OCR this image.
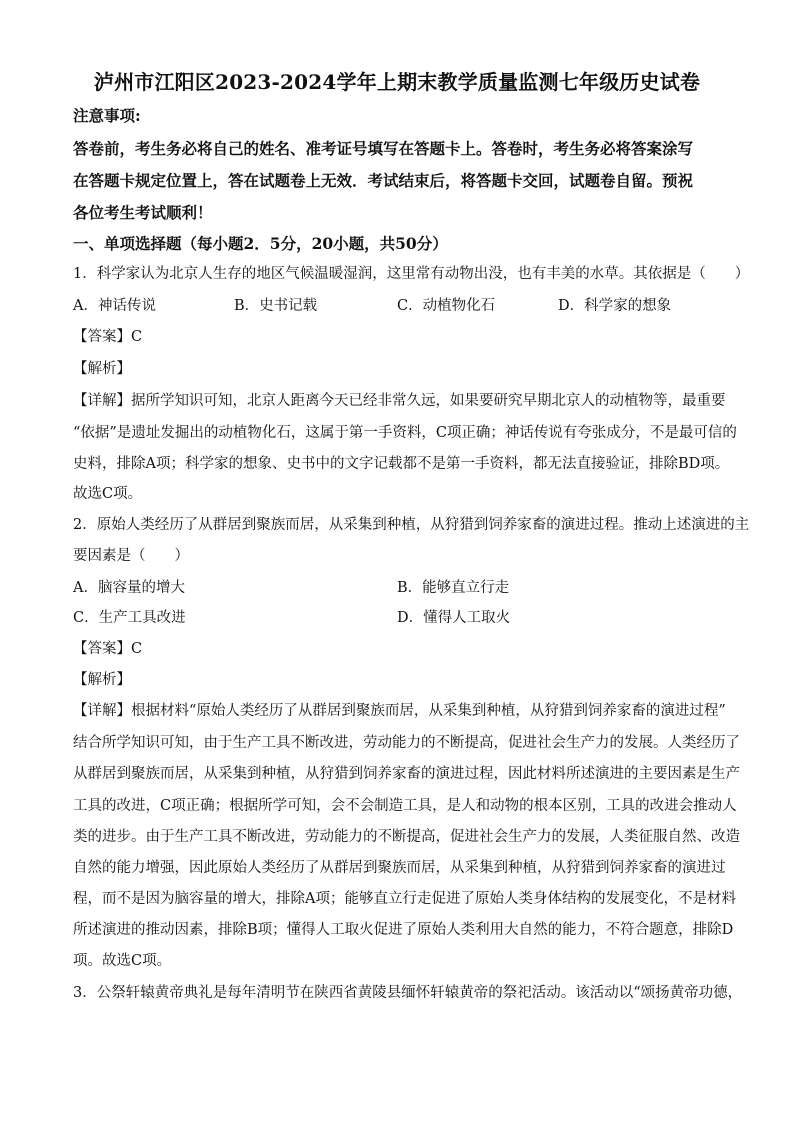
泸州市江阳区2023-2024学年上期末教学质量监测七年级历史试卷
注意事项:
答卷前，考生务必将自己的姓名、准考证号填写在答题卡上。答卷时，考生务必将答案涂写
在答题卡规定位置上，答在试题卷上无效．考试结束后，将答题卡交回，试题卷自留。预祝
各位考生考试顺利！
一、单项选择题（每小题2．5分，20小题，共50分）
1．科学家认为北京人生存的地区气候温暖湿润，这里常有动物出没，也有丰美的水草。其依据是（　　）
A．神话传说	B．史书记载	C．动植物化石	D．科学家的想象
【答案】C
【解析】
【详解】据所学知识可知，北京人距离今天已经非常久远，如果要研究早期北京人的动植物等，最重要
“依据”是遗址发掘出的动植物化石，这属于第一手资料，C项正确；神话传说有夸张成分，不是最可信的
史料，排除A项；科学家的想象、史书中的文字记载都不是第一手资料，都无法直接验证，排除BD项。
故选C项。
2．原始人类经历了从群居到聚族而居，从采集到种植，从狩猎到饲养家畜的演进过程。推动上述演进的主
要因素是（　　）
A．脑容量的增大	B．能够直立行走
C．生产工具改进	D．懂得人工取火
【答案】C
【解析】
【详解】根据材料“原始人类经历了从群居到聚族而居，从采集到种植，从狩猎到饲养家畜的演进过程”
结合所学知识可知，由于生产工具不断改进，劳动能力的不断提高，促进社会生产力的发展。人类经历了
从群居到聚族而居，从采集到种植，从狩猎到饲养家畜的演进过程，因此材料所述演进的主要因素是生产
工具的改进，C项正确；根据所学可知，会不会制造工具，是人和动物的根本区别，工具的改进会推动人
类的进步。由于生产工具不断改进，劳动能力的不断提高，促进社会生产力的发展，人类征服自然、改造
自然的能力增强，因此原始人类经历了从群居到聚族而居，从采集到种植，从狩猎到饲养家畜的演进过
程，而不是因为脑容量的增大，排除A项；能够直立行走促进了原始人类身体结构的发展变化，不是材料
所述演进的推动因素，排除B项；懂得人工取火促进了原始人类利用大自然的能力，不符合题意，排除D
项。故选C项。
3．公祭轩辕黄帝典礼是每年清明节在陕西省黄陵县缅怀轩辕黄帝的祭祀活动。该活动以“颂扬黄帝功德，
